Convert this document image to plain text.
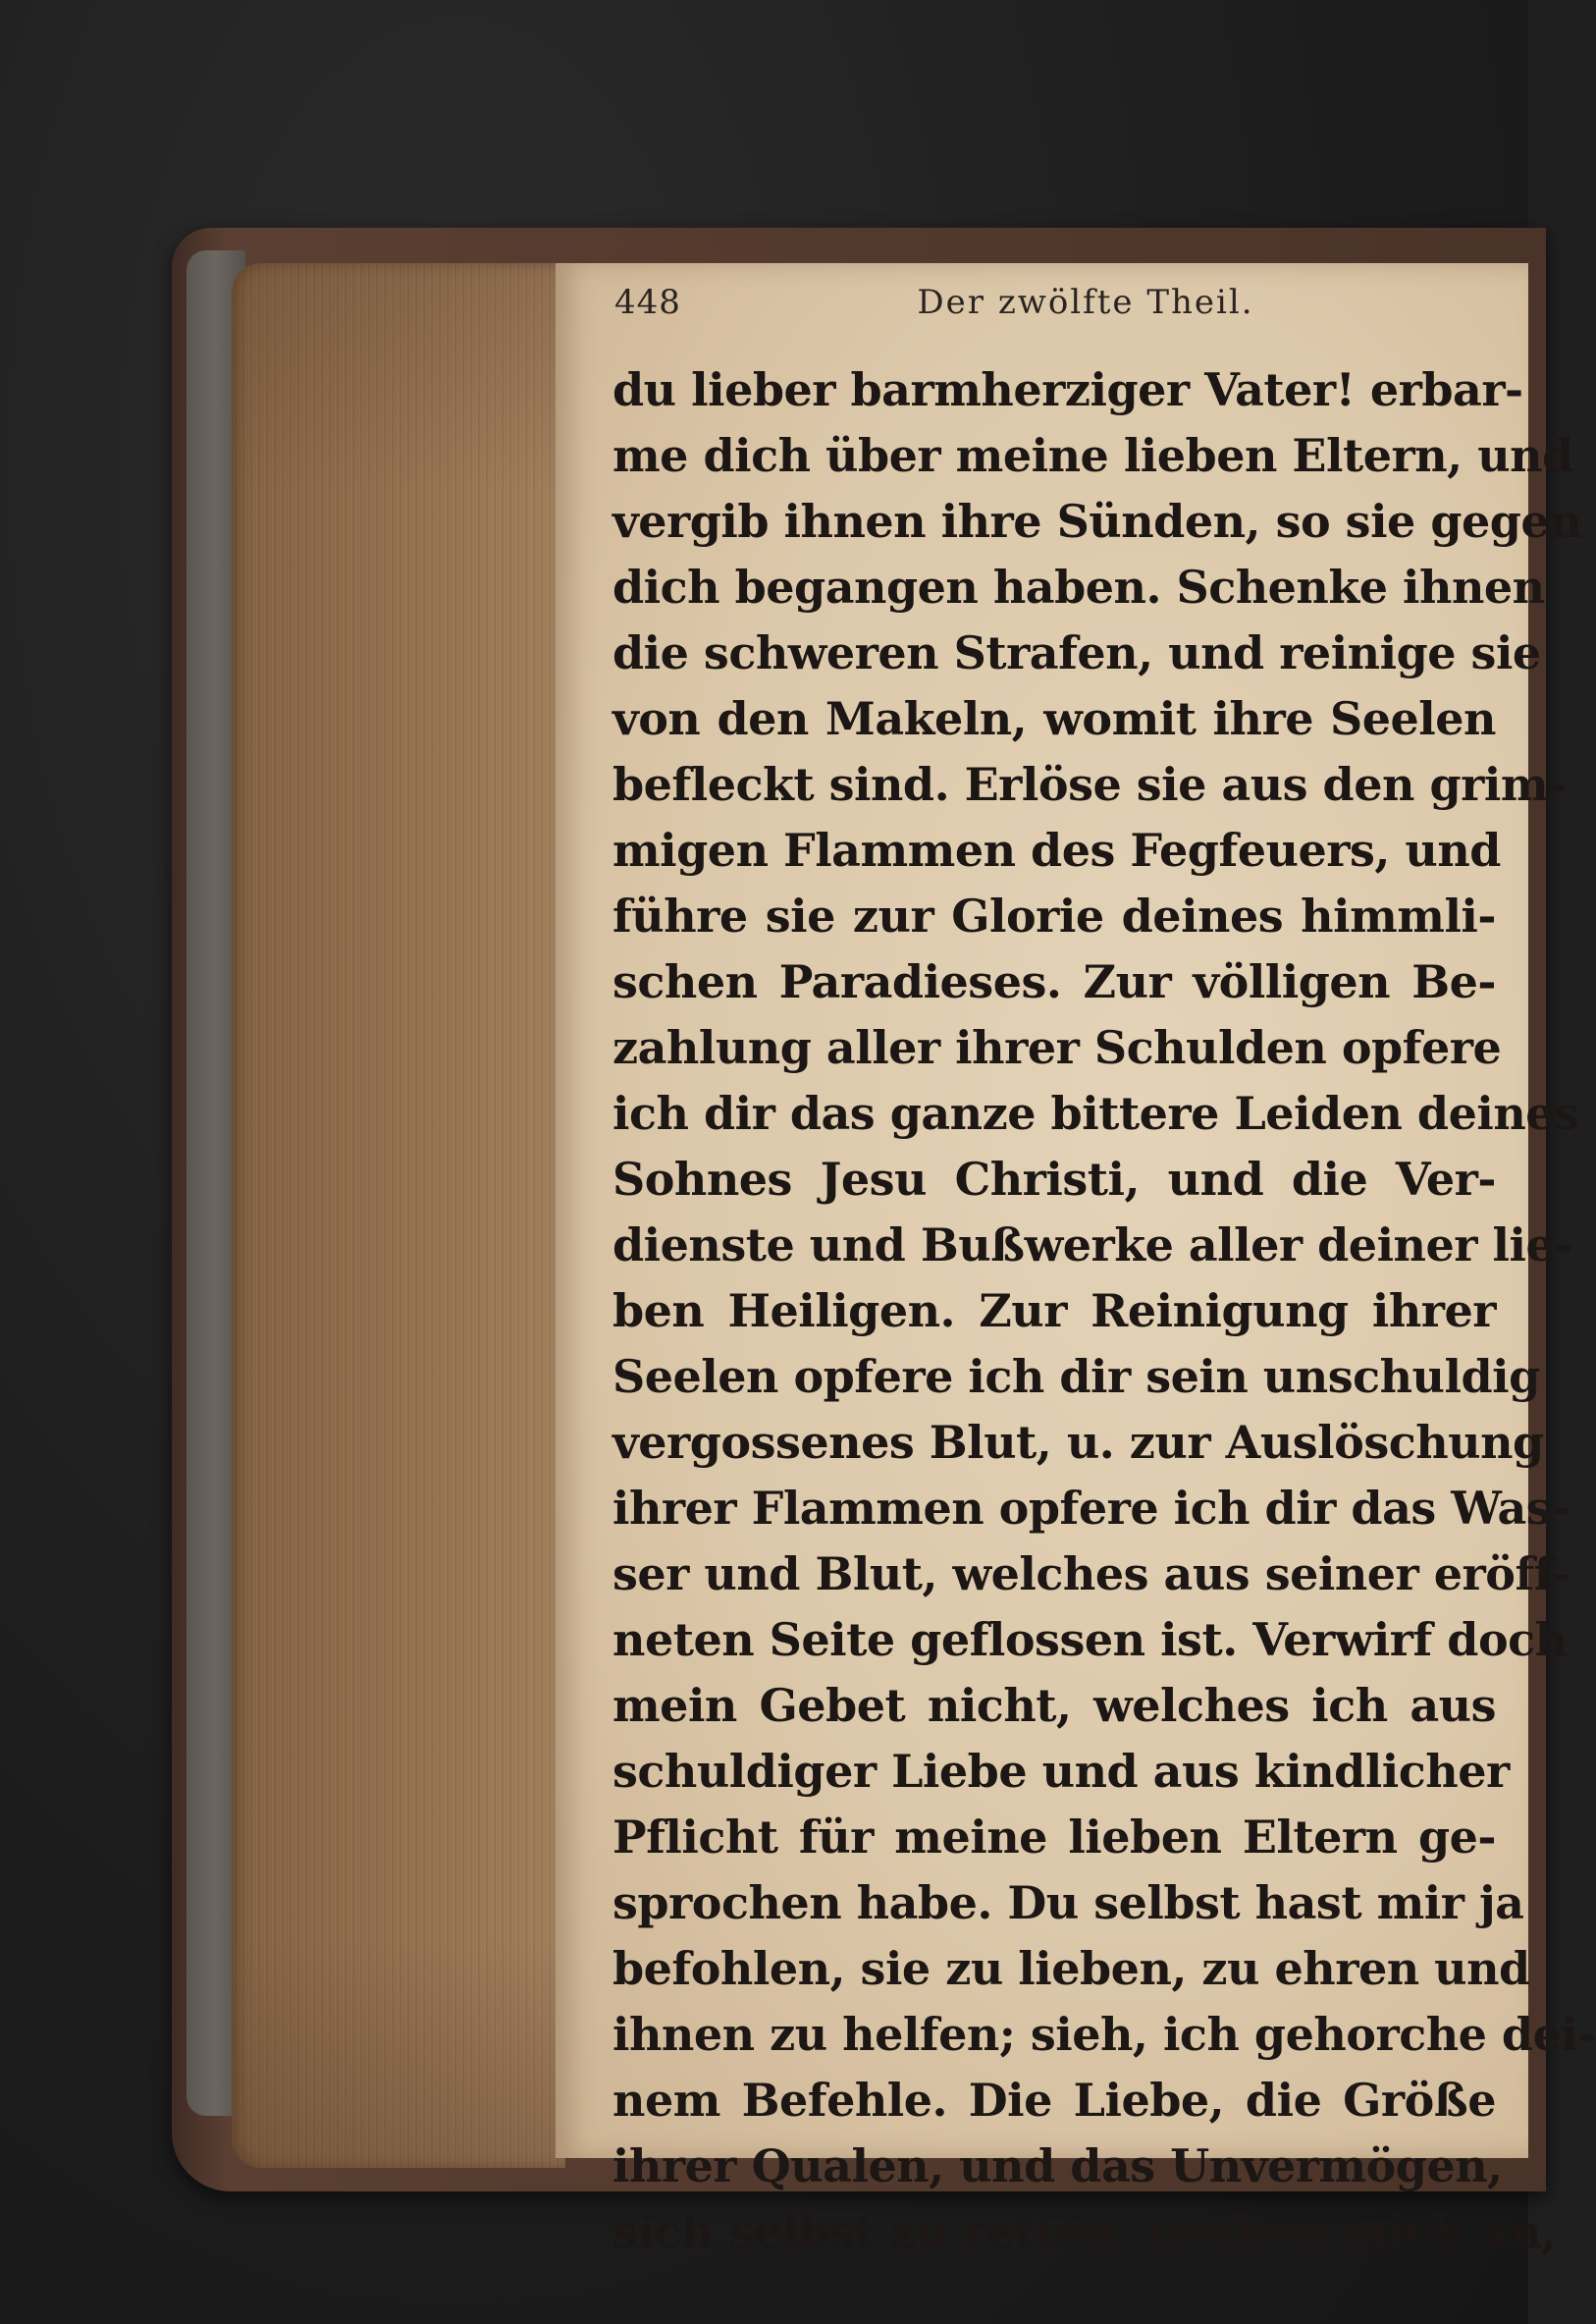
448	Der zwölfte Theil.
du lieber barmherziger Vater! erbar-
me dich über meine lieben Eltern, und
vergib ihnen ihre Sünden, so sie gegen
dich begangen haben. Schenke ihnen
die schweren Strafen, und reinige sie
von den Makeln, womit ihre Seelen
befleckt sind. Erlöse sie aus den grim-
migen Flammen des Fegfeuers, und
führe sie zur Glorie deines himmli-
schen Paradieses. Zur völligen Be-
zahlung aller ihrer Schulden opfere
ich dir das ganze bittere Leiden deines
Sohnes Jesu Christi, und die Ver-
dienste und Bußwerke aller deiner lie-
ben Heiligen. Zur Reinigung ihrer
Seelen opfere ich dir sein unschuldig
vergossenes Blut, u. zur Auslöschung
ihrer Flammen opfere ich dir das Was-
ser und Blut, welches aus seiner eröff-
neten Seite geflossen ist. Verwirf doch
mein Gebet nicht, welches ich aus
schuldiger Liebe und aus kindlicher
Pflicht für meine lieben Eltern ge-
sprochen habe. Du selbst hast mir ja
befohlen, sie zu lieben, zu ehren und
ihnen zu helfen; sieh, ich gehorche dei-
nem Befehle. Die Liebe, die Größe
ihrer Qualen, und das Unvermögen,
sich selbst zu retten, treiben mich an,
